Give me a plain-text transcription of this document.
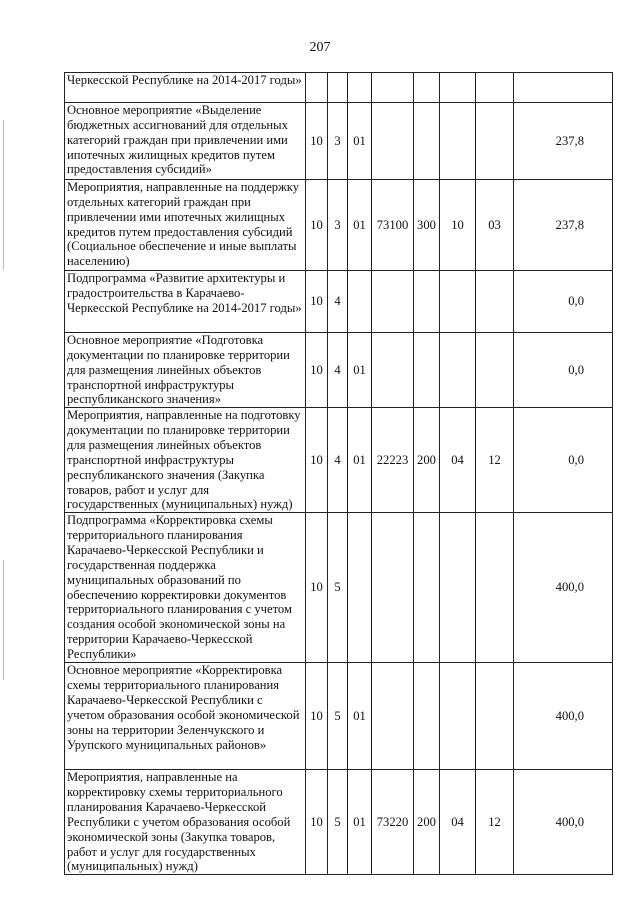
207
Черкесской Республике на 2014-2017 годы»								
Основное мероприятие «Выделение бюджетных ассигнований для отдельных категорий граждан при привлечении ими ипотечных жилищных кредитов путем предоставления субсидий»	10	3	01					237,8
Мероприятия, направленные на поддержку отдельных категорий граждан при привлечении ими ипотечных жилищных кредитов путем предоставления субсидий (Социальное обеспечение и иные выплаты населению)	10	3	01	73100	300	10	03	237,8
Подпрограмма «Развитие архитектуры и градостроительства в Карачаево-Черкесской Республике на 2014-2017 годы»	10	4						0,0
Основное мероприятие «Подготовка документации по планировке территории для размещения линейных объектов транспортной инфраструктуры республиканского значения»	10	4	01					0,0
Мероприятия, направленные на подготовку документации по планировке территории для размещения линейных объектов транспортной инфраструктуры республиканского значения (Закупка товаров, работ и услуг для государственных (муниципальных) нужд)	10	4	01	22223	200	04	12	0,0
Подпрограмма «Корректировка схемы территориального планирования Карачаево-Черкесской Республики и государственная поддержка муниципальных образований по обеспечению корректировки документов территориального планирования с учетом создания особой экономической зоны на территории Карачаево-Черкесской Республики»	10	5						400,0
Основное мероприятие «Корректировка схемы территориального планирования Карачаево-Черкесской Республики с учетом образования особой экономической зоны на территории Зеленчукского и Урупского муниципальных районов»	10	5	01					400,0
Мероприятия, направленные на корректировку схемы территориального планирования Карачаево-Черкесской Республики с учетом образования особой экономической зоны (Закупка товаров, работ и услуг для государственных (муниципальных) нужд)	10	5	01	73220	200	04	12	400,0
